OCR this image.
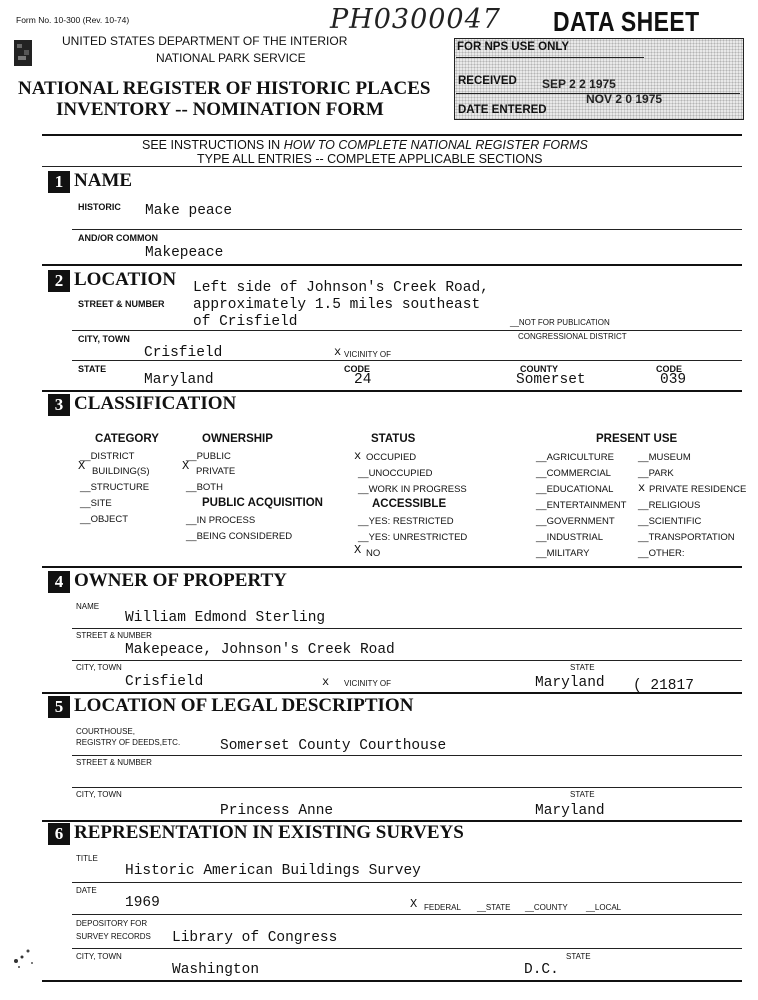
Form No. 10-300 (Rev. 10-74)	PH0300047 DATA SHEET
UNITED STATES DEPARTMENT OF THE INTERIOR
NATIONAL PARK SERVICE
NATIONAL REGISTER OF HISTORIC PLACES
INVENTORY -- NOMINATION FORM
FOR NPS USE ONLY
RECEIVED SEP 2 2 1975
NOV 2 0 1975
DATE ENTERED
SEE INSTRUCTIONS IN HOW TO COMPLETE NATIONAL REGISTER FORMS
TYPE ALL ENTRIES -- COMPLETE APPLICABLE SECTIONS
1 NAME
HISTORIC Make peace
AND/OR COMMON
Makepeace
2 LOCATION Left side of Johnson's Creek Road,
STREET & NUMBER approximately 1.5 miles southeast
of Crisfield	__NOT FOR PUBLICATION
CITY, TOWN	CONGRESSIONAL DISTRICT
Crisfield	x VICINITY OF
STATE	CODE	COUNTY	CODE
Maryland	24	Somerset	039
3 CLASSIFICATION
CATEGORY
__DISTRICT
X BUILDING(S)
__STRUCTURE
__SITE
__OBJECT
OWNERSHIP
__PUBLIC
X PRIVATE
__BOTH
PUBLIC ACQUISITION
__IN PROCESS
__BEING CONSIDERED
STATUS
x OCCUPIED
__UNOCCUPIED
__WORK IN PROGRESS
ACCESSIBLE
__YES: RESTRICTED
__YES: UNRESTRICTED
X NO
PRESENT USE
__AGRICULTURE
__COMMERCIAL
__EDUCATIONAL
__ENTERTAINMENT
__GOVERNMENT
__INDUSTRIAL
__MILITARY
__MUSEUM
__PARK
x PRIVATE RESIDENCE
__RELIGIOUS
__SCIENTIFIC
__TRANSPORTATION
__OTHER:
4 OWNER OF PROPERTY
NAME
William Edmond Sterling
STREET & NUMBER
Makepeace, Johnson's Creek Road
CITY, TOWN	STATE
Crisfield	x VICINITY OF	Maryland ( 21817
5 LOCATION OF LEGAL DESCRIPTION
COURTHOUSE,
REGISTRY OF DEEDS,ETC.	Somerset County Courthouse
STREET & NUMBER
CITY, TOWN	STATE
Princess Anne	Maryland
6 REPRESENTATION IN EXISTING SURVEYS
TITLE
Historic American Buildings Survey
DATE
1969	X FEDERAL __STATE __COUNTY __LOCAL
DEPOSITORY FOR
SURVEY RECORDS Library of Congress
CITY, TOWN	STATE
Washington	D.C.
